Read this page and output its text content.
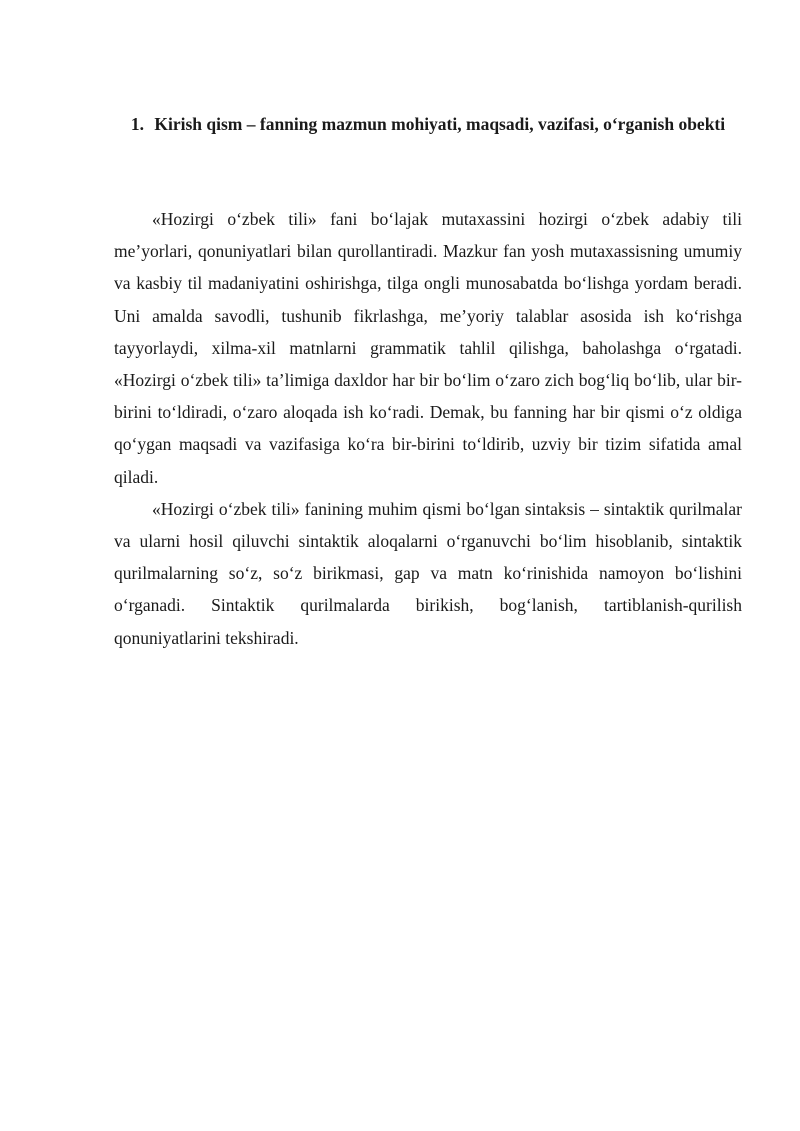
1. Kirish qism – fanning mazmun mohiyati, maqsadi, vazifasi, o‘rganish obekti

«Hozirgi o‘zbek tili» fani bo‘lajak mutaxassini hozirgi o‘zbek adabiy tili me’yorlari, qonuniyatlari bilan qurollantiradi. Mazkur fan yosh mutaxassisning umumiy va kasbiy til madaniyatini oshirishga, tilga ongli munosabatda bo‘lishga yordam beradi. Uni amalda savodli, tushunib fikrlashga, me’yoriy talablar asosida ish ko‘rishga tayyorlaydi, xilma-xil matnlarni grammatik tahlil qilishga, baholashga o‘rgatadi. «Hozirgi o‘zbek tili» ta’limiga daxldor har bir bo‘lim o‘zaro zich bog‘liq bo‘lib, ular bir-birini to‘ldiradi, o‘zaro aloqada ish ko‘radi. Demak, bu fanning har bir qismi o‘z oldiga qo‘ygan maqsadi va vazifasiga ko‘ra bir-birini to‘ldirib, uzviy bir tizim sifatida amal qiladi.

«Hozirgi o‘zbek tili» fanining muhim qismi bo‘lgan sintaksis – sintaktik qurilmalar va ularni hosil qiluvchi sintaktik aloqalarni o‘rganuvchi bo‘lim hisoblanib, sintaktik qurilmalarning so‘z, so‘z birikmasi, gap va matn ko‘rinishida namoyon bo‘lishini o‘rganadi. Sintaktik qurilmalarda birikish, bog‘lanish, tartiblanish-qurilish qonuniyatlarini tekshiradi.
